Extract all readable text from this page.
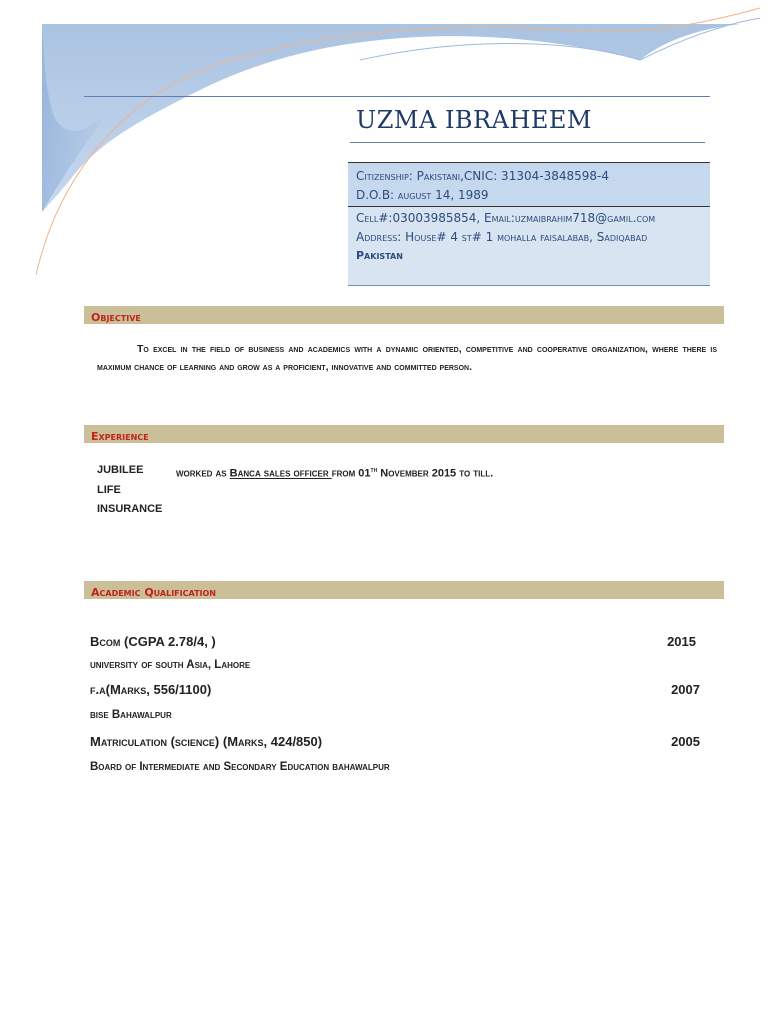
UZMA IBRAHEEM
Citizenship: Pakistani,CNIC: 31304-3848598-4
D.O.B: august 14, 1989
Cell#:03003985854, Email:uzmaibrahim718@gamil.com
Address: House# 4 st# 1 mohalla faisalabab, Sadiqabad
Pakistan
Objective
To excel in the field of business and academics with a dynamic oriented, competitive and cooperative organization, where there is maximum chance of learning and grow as a proficient, innovative and committed person.
Experience
JUBILEE
LIFE
INSURANCE
worked as Banca sales officer from 01th November 2015 to till.
Academic Qualification
Bcom (CGPA 2.78/4, )	2015
university of south Asia, Lahore
f.a(Marks, 556/1100)	2007
bise Bahawalpur
Matriculation (science) (Marks, 424/850)	2005
Board of Intermediate and Secondary Education bahawalpur
